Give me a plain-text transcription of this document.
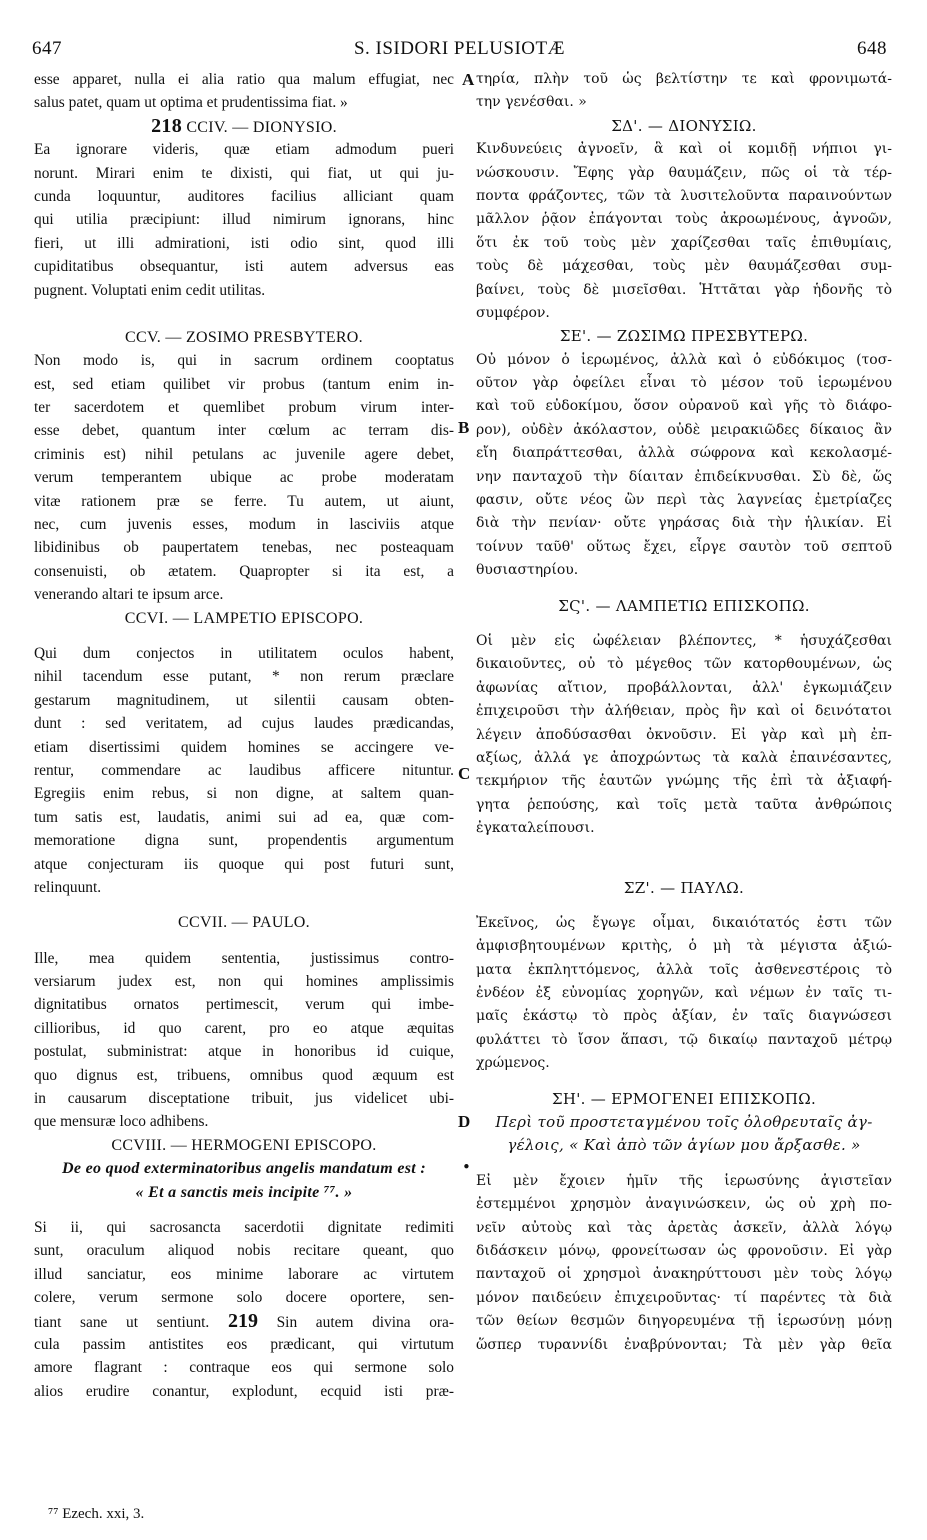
647	S. ISIDORI PELUSIOTÆ	648
esse apparet, nulla ei alia ratio qua malum effugiat, nec
salus patet, quam ut optima et prudentissima fiat. »
218 CCIV. — DIONYSIO.
Ea ignorare videris, quæ etiam admodum pueri
norunt. Mirari enim te dixisti, qui fiat, ut qui ju-
cunda loquuntur, auditores facilius alliciant quam
qui utilia præcipiunt: illud nimirum ignorans, hinc
fieri, ut illi admirationi, isti odio sint, quod illi
cupiditatibus obsequantur, isti autem adversus eas
pugnent. Voluptati enim cedit utilitas.
CCV. — ZOSIMO PRESBYTERO.
Non modo is, qui in sacrum ordinem cooptatus
est, sed etiam quilibet vir probus (tantum enim in-
ter sacerdotem et quemlibet probum virum inter-
esse debet, quantum inter cœlum ac terram dis-
criminis est) nihil petulans ac juvenile agere debet,
verum temperantem ubique ac probe moderatam
vitæ rationem præ se ferre. Tu autem, ut aiunt,
nec, cum juvenis esses, modum in lasciviis atque
libidinibus ob paupertatem tenebas, nec posteaquam
consenuisti, ob ætatem. Quapropter si ita est, a
venerando altari te ipsum arce.
CCVI. — LAMPETIO EPISCOPO.
Qui dum conjectos in utilitatem oculos habent,
nihil tacendum esse putant, * non rerum præclare
gestarum magnitudinem, ut silentii causam obten-
dunt : sed veritatem, ad cujus laudes prædicandas,
etiam disertissimi quidem homines se accingere ve-
rentur, commendare ac laudibus afficere nituntur.
Egregiis enim rebus, si non digne, at saltem quan-
tum satis est, laudatis, animi sui ad ea, quæ com-
memoratione digna sunt, propendentis argumentum
atque conjecturam iis quoque qui post futuri sunt,
relinquunt.
CCVII. — PAULO.
Ille, mea quidem sententia, justissimus contro-
versiarum judex est, non qui homines amplissimis
dignitatibus ornatos pertimescit, verum qui imbe-
cillioribus, id quo carent, pro eo atque æquitas
postulat, subministrat: atque in honoribus id cuique,
quo dignus est, tribuens, omnibus quod æquum est
in causarum disceptatione tribuit, jus videlicet ubi-
que mensuræ loco adhibens.
CCVIII. — HERMOGENI EPISCOPO.
De eo quod exterminatoribus angelis mandatum est :
« Et a sanctis meis incipite ⁷⁷. »
Si ii, qui sacrosancta sacerdotii dignitate redimiti
sunt, oraculum aliquod nobis recitare queant, quo
illud sanciatur, eos minime laborare ac virtutem
colere, verum sermone solo docere oportere, sen-
tiant sane ut sentiunt. 219 Sin autem divina ora-
cula passim antistites eos prædicant, qui virtutum
amore flagrant : contraque eos qui sermone solo
alios erudire conantur, explodunt, ecquid isti præ-
τηρία, πλὴν τοῦ ὡς βελτίστην τε καὶ φρονιμωτά-
την γενέσθαι. »
ΣΔ'. — ΔΙΟΝΥΣΙΩ.
Κινδυνεύεις ἀγνοεῖν, ἃ καὶ οἱ κομιδῇ νήπιοι γι-
νώσκουσιν. Ἔφης γὰρ θαυμάζειν, πῶς οἱ τὰ τέρ-
ποντα φράζοντες, τῶν τὰ λυσιτελοῦντα παραινούντων
μᾶλλον ῥᾷον ἐπάγονται τοὺς ἀκροωμένους, ἀγνοῶν,
ὅτι ἐκ τοῦ τοὺς μὲν χαρίζεσθαι ταῖς ἐπιθυμίαις,
τοὺς δὲ μάχεσθαι, τοὺς μὲν θαυμάζεσθαι συμ-
βαίνει, τοὺς δὲ μισεῖσθαι. Ἡττᾶται γὰρ ἡδονῆς τὸ
συμφέρον.
ΣΕ'. — ΖΩΣΙΜΩ ΠΡΕΣΒΥΤΕΡΩ.
Οὐ μόνον ὁ ἱερωμένος, ἀλλὰ καὶ ὁ εὐδόκιμος (τοσ-
οῦτον γὰρ ὀφείλει εἶναι τὸ μέσον τοῦ ἱερωμένου
καὶ τοῦ εὐδοκίμου, ὅσον οὐρανοῦ καὶ γῆς τὸ διάφο-
ρον), οὐδὲν ἀκόλαστον, οὐδὲ μειρακιῶδες δίκαιος ἂν
εἴη διαπράττεσθαι, ἀλλὰ σώφρονα καὶ κεκολασμέ-
νην πανταχοῦ τὴν δίαιταν ἐπιδείκνυσθαι. Σὺ δὲ, ὥς
φασιν, οὔτε νέος ὢν περὶ τὰς λαγνείας ἐμετρίαζες
διὰ τὴν πενίαν· οὔτε γηράσας διὰ τὴν ἡλικίαν. Εἰ
τοίνυν ταῦθ' οὕτως ἔχει, εἶργε σαυτὸν τοῦ σεπτοῦ
θυσιαστηρίου.
ΣϚ'. — ΛΑΜΠΕΤΙΩ ΕΠΙΣΚΟΠΩ.
Οἱ μὲν εἰς ὠφέλειαν βλέποντες, * ἡσυχάζεσθαι
δικαιοῦντες, οὐ τὸ μέγεθος τῶν κατορθουμένων, ὡς
ἀφωνίας αἴτιον, προβάλλονται, ἀλλ' ἐγκωμιάζειν
ἐπιχειροῦσι τὴν ἀλήθειαν, πρὸς ἣν καὶ οἱ δεινότατοι
λέγειν ἀποδύσασθαι ὀκνοῦσιν. Εἰ γὰρ καὶ μὴ ἐπ-
αξίως, ἀλλά γε ἀποχρώντως τὰ καλὰ ἐπαινέσαντες,
τεκμήριον τῆς ἑαυτῶν γνώμης τῆς ἐπὶ τὰ ἀξιαφή-
γητα ῥεπούσης, καὶ τοῖς μετὰ ταῦτα ἀνθρώποις
ἐγκαταλείπουσι.
ΣΖ'. — ΠΑΥΛΩ.
Ἐκεῖνος, ὡς ἔγωγε οἶμαι, δικαιότατός ἐστι τῶν
ἀμφισβητουμένων κριτὴς, ὁ μὴ τὰ μέγιστα ἀξιώ-
ματα ἐκπληττόμενος, ἀλλὰ τοῖς ἀσθενεστέροις τὸ
ἐνδέον ἐξ εὐνομίας χορηγῶν, καὶ νέμων ἐν ταῖς τι-
μαῖς ἑκάστῳ τὸ πρὸς ἀξίαν, ἐν ταῖς διαγνώσεσι
φυλάττει τὸ ἴσον ἅπασι, τῷ δικαίῳ πανταχοῦ μέτρῳ
χρώμενος.
ΣΗ'. — ΕΡΜΟΓΕΝΕΙ ΕΠΙΣΚΟΠΩ.
Περὶ τοῦ προστεταγμένου τοῖς ὀλοθρευταῖς ἀγ-
γέλοις, « Καὶ ἀπὸ τῶν ἁγίων μου ἄρξασθε. »
Εἰ μὲν ἔχοιεν ἡμῖν τῆς ἱερωσύνης ἁγιστεῖαν
ἐστεμμένοι χρησμὸν ἀναγινώσκειν, ὡς οὐ χρὴ πο-
νεῖν αὐτοὺς καὶ τὰς ἀρετὰς ἀσκεῖν, ἀλλὰ λόγῳ
διδάσκειν μόνῳ, φρονείτωσαν ὡς φρονοῦσιν. Εἰ γὰρ
πανταχοῦ οἱ χρησμοὶ ἀνακηρύττουσι μὲν τοὺς λόγῳ
μόνον παιδεύειν ἐπιχειροῦντας· τί παρέντες τὰ διὰ
τῶν θείων θεσμῶν διηγορευμένα τῇ ἱερωσύνῃ μόνῃ
ὥσπερ τυραννίδι ἐναβρύνονται; Τὰ μὲν γὰρ θεῖα
A
B
C
D
•
⁷⁷ Ezech. xxi, 3.
